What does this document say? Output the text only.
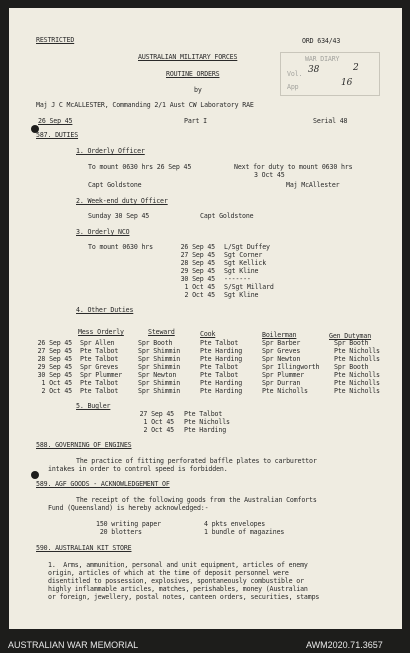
RESTRICTED	ORD 634/43
AUSTRALIAN MILITARY FORCES
ROUTINE ORDERS
by
Maj J C McALLESTER, Commanding 2/1 Aust CW Laboratory RAE
26 Sep 45	Part I	Serial 48
WAR DIARY
Vol. 38	2
App	16
587. DUTIES
1. Orderly Officer
To mount 0630 hrs 26 Sep 45	Next for duty to mount 0630 hrs
3 Oct 45
Capt Goldstone	Maj McAllester
2. Week-end duty Officer
Sunday 30 Sep 45	Capt Goldstone
3. Orderly NCO
To mount 0630 hrs	26 Sep 45 L/Sgt Duffey
27 Sep 45 Sgt Corner
28 Sep 45 Sgt Kellick
29 Sep 45 Sgt Kline
30 Sep 45 -------
1 Oct 45 S/Sgt Millard
2 Oct 45 Sgt Kline
4. Other Duties
Mess Orderly	Steward	Cook	Boilerman	Gen Dutyman
26 Sep 45 Spr Allen	Spr Booth	Pte Talbot	Spr Barber	Spr Booth
27 Sep 45 Pte Talbot	Spr Shimmin	Pte Harding	Spr Greves	Pte Nicholls
28 Sep 45 Pte Talbot	Spr Shimmin	Pte Harding	Spr Newton	Pte Nicholls
29 Sep 45 Spr Greves	Spr Shimmin	Pte Talbot	Spr Illingworth Spr Booth
30 Sep 45 Spr Plummer Spr Newton	Pte Talbot	Spr Plummer	Pte Nicholls
1 Oct 45 Pte Talbot	Spr Shimmin	Pte Harding	Spr Durran	Pte Nicholls
2 Oct 45 Pte Talbot	Spr Shimmin	Pte Harding	Pte Nicholls	Pte Nicholls
5. Bugler
27 Sep 45 Pte Talbot
1 Oct 45 Pte Nicholls
2 Oct 45 Pte Harding
588. GOVERNING OF ENGINES
The practice of fitting perforated baffle plates to carburettor
intakes in order to control speed is forbidden.
589. AGF GOODS - ACKNOWLEDGEMENT OF
The receipt of the following goods from the Australian Comforts
Fund (Queensland) is hereby acknowledged:-
150 writing paper	4 pkts envelopes
20 blotters	1 bundle of magazines
590. AUSTRALIAN KIT STORE
1.  Arms, ammunition, personal and unit equipment, articles of enemy
origin, articles of which at the time of deposit personnel were
disentitled to possession, explosives, spontaneously combustible or
highly inflammable articles, matches, perishables, money (Australian
or foreign, jewellery, postal notes, canteen orders, securities, stamps
AUSTRALIAN WAR MEMORIAL	AWM2020.71.3657
